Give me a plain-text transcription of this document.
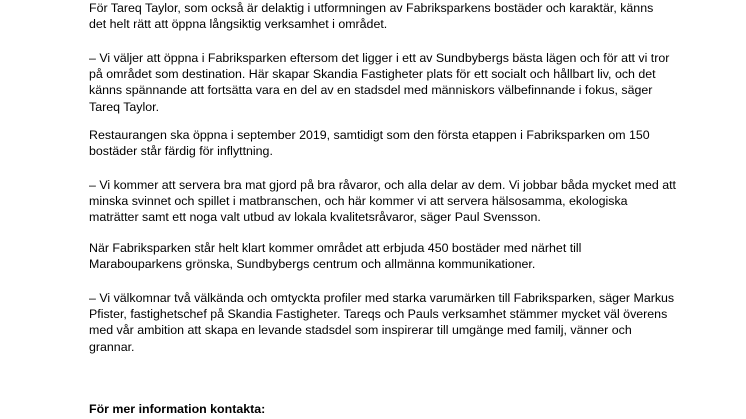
För Tareq Taylor, som också är delaktig i utformningen av Fabriksparkens bostäder och karaktär, känns
det helt rätt att öppna långsiktig verksamhet i området.

– Vi väljer att öppna i Fabriksparken eftersom det ligger i ett av Sundbybergs bästa lägen och för att vi tror
på området som destination. Här skapar Skandia Fastigheter plats för ett socialt och hållbart liv, och det
känns spännande att fortsätta vara en del av en stadsdel med människors välbefinnande i fokus, säger
Tareq Taylor.

Restaurangen ska öppna i september 2019, samtidigt som den första etappen i Fabriksparken om 150
bostäder står färdig för inflyttning.

– Vi kommer att servera bra mat gjord på bra råvaror, och alla delar av dem. Vi jobbar båda mycket med att
minska svinnet och spillet i matbranschen, och här kommer vi att servera hälsosamma, ekologiska
maträtter samt ett noga valt utbud av lokala kvalitetsråvaror, säger Paul Svensson.

När Fabriksparken står helt klart kommer området att erbjuda 450 bostäder med närhet till
Marabouparkens grönska, Sundbybergs centrum och allmänna kommunikationer.

– Vi välkomnar två välkända och omtyckta profiler med starka varumärken till Fabriksparken, säger Markus
Pfister, fastighetschef på Skandia Fastigheter. Tareqs och Pauls verksamhet stämmer mycket väl överens
med vår ambition att skapa en levande stadsdel som inspirerar till umgänge med familj, vänner och
grannar.

För mer information kontakta:
